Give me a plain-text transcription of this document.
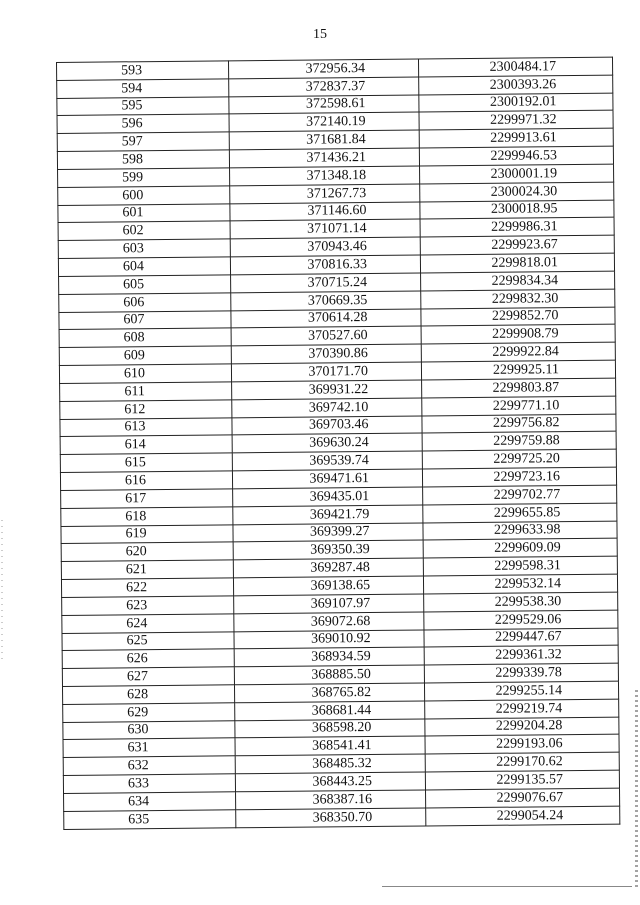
15
593	372956.34	2300484.17
594	372837.37	2300393.26
595	372598.61	2300192.01
596	372140.19	2299971.32
597	371681.84	2299913.61
598	371436.21	2299946.53
599	371348.18	2300001.19
600	371267.73	2300024.30
601	371146.60	2300018.95
602	371071.14	2299986.31
603	370943.46	2299923.67
604	370816.33	2299818.01
605	370715.24	2299834.34
606	370669.35	2299832.30
607	370614.28	2299852.70
608	370527.60	2299908.79
609	370390.86	2299922.84
610	370171.70	2299925.11
611	369931.22	2299803.87
612	369742.10	2299771.10
613	369703.46	2299756.82
614	369630.24	2299759.88
615	369539.74	2299725.20
616	369471.61	2299723.16
617	369435.01	2299702.77
618	369421.79	2299655.85
619	369399.27	2299633.98
620	369350.39	2299609.09
621	369287.48	2299598.31
622	369138.65	2299532.14
623	369107.97	2299538.30
624	369072.68	2299529.06
625	369010.92	2299447.67
626	368934.59	2299361.32
627	368885.50	2299339.78
628	368765.82	2299255.14
629	368681.44	2299219.74
630	368598.20	2299204.28
631	368541.41	2299193.06
632	368485.32	2299170.62
633	368443.25	2299135.57
634	368387.16	2299076.67
635	368350.70	2299054.24
